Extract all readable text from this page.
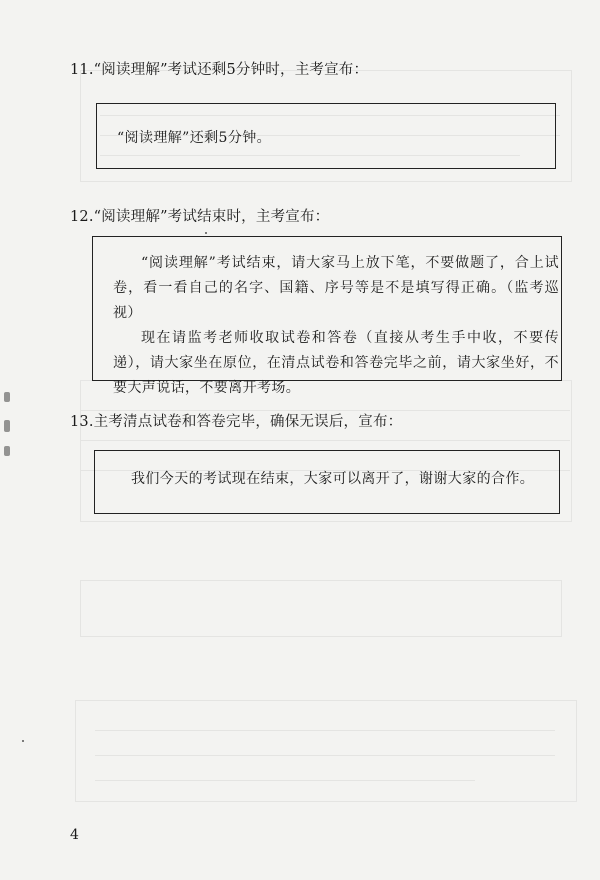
11.“阅读理解”考试还剩5分钟时，主考宣布：

“阅读理解”还剩5分钟。

12.“阅读理解”考试结束时，主考宣布：

“阅读理解”考试结束，请大家马上放下笔，不要做题了，合上试卷，看一看自己的名字、国籍、序号等是不是填写得正确。（监考巡视）

现在请监考老师收取试卷和答卷（直接从考生手中收，不要传递），请大家坐在原位，在清点试卷和答卷完毕之前，请大家坐好，不要大声说话，不要离开考场。

13.主考清点试卷和答卷完毕，确保无误后，宣布：

我们今天的考试现在结束，大家可以离开了，谢谢大家的合作。

4
